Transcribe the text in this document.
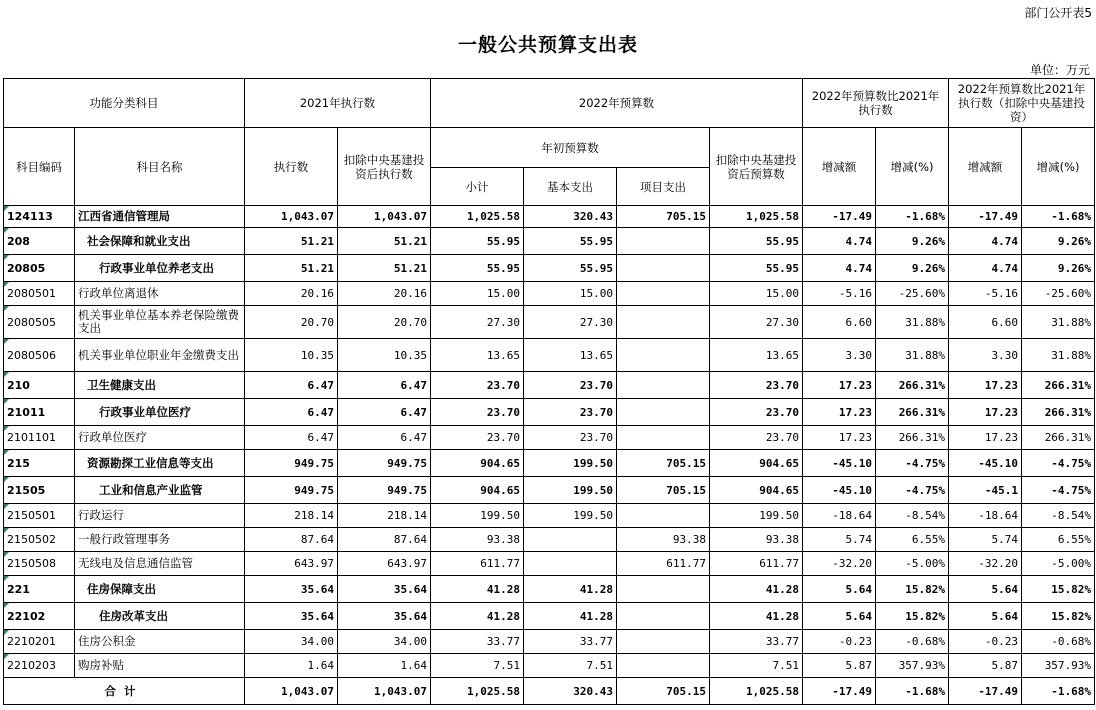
部门公开表5
一般公共预算支出表
单位：万元
功能分类科目		2021年执行数		2022年预算数				2022年预算数比2021年执行数		2022年预算数比2021年执行数（扣除中央基建投资）	
科目编码	科目名称	执行数	扣除中央基建投资后执行数	年初预算数			扣除中央基建投资后预算数	增减额	增减(%)	增减额	增减(%)
				小计	基本支出	项目支出					
124113	江西省通信管理局	1,043.07	1,043.07	1,025.58	320.43	705.15	1,025.58	-17.49	-1.68%	-17.49	-1.68%
208	社会保障和就业支出	51.21	51.21	55.95	55.95		55.95	4.74	9.26%	4.74	9.26%
20805	行政事业单位养老支出	51.21	51.21	55.95	55.95		55.95	4.74	9.26%	4.74	9.26%
2080501	行政单位离退休	20.16	20.16	15.00	15.00		15.00	-5.16	-25.60%	-5.16	-25.60%
2080505	机关事业单位基本养老保险缴费支出	20.70	20.70	27.30	27.30		27.30	6.60	31.88%	6.60	31.88%
2080506	机关事业单位职业年金缴费支出	10.35	10.35	13.65	13.65		13.65	3.30	31.88%	3.30	31.88%
210	卫生健康支出	6.47	6.47	23.70	23.70		23.70	17.23	266.31%	17.23	266.31%
21011	行政事业单位医疗	6.47	6.47	23.70	23.70		23.70	17.23	266.31%	17.23	266.31%
2101101	行政单位医疗	6.47	6.47	23.70	23.70		23.70	17.23	266.31%	17.23	266.31%
215	资源勘探工业信息等支出	949.75	949.75	904.65	199.50	705.15	904.65	-45.10	-4.75%	-45.10	-4.75%
21505	工业和信息产业监管	949.75	949.75	904.65	199.50	705.15	904.65	-45.10	-4.75%	-45.1	-4.75%
2150501	行政运行	218.14	218.14	199.50	199.50		199.50	-18.64	-8.54%	-18.64	-8.54%
2150502	一般行政管理事务	87.64	87.64	93.38		93.38	93.38	5.74	6.55%	5.74	6.55%
2150508	无线电及信息通信监管	643.97	643.97	611.77		611.77	611.77	-32.20	-5.00%	-32.20	-5.00%
221	住房保障支出	35.64	35.64	41.28	41.28		41.28	5.64	15.82%	5.64	15.82%
22102	住房改革支出	35.64	35.64	41.28	41.28		41.28	5.64	15.82%	5.64	15.82%
2210201	住房公积金	34.00	34.00	33.77	33.77		33.77	-0.23	-0.68%	-0.23	-0.68%
2210203	购房补贴	1.64	1.64	7.51	7.51		7.51	5.87	357.93%	5.87	357.93%
合计		1,043.07	1,043.07	1,025.58	320.43	705.15	1,025.58	-17.49	-1.68%	-17.49	-1.68%
